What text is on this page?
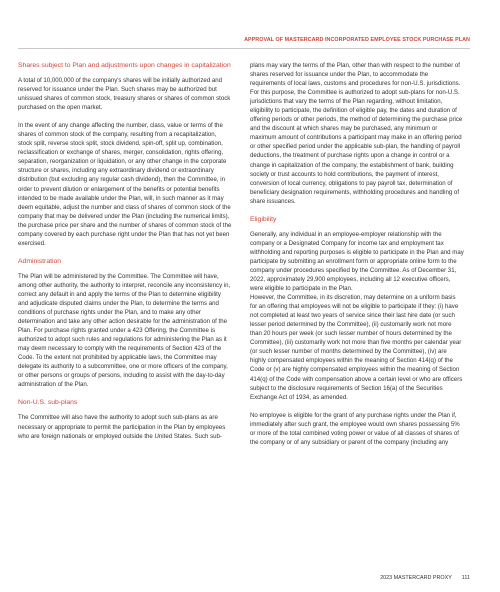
APPROVAL OF MASTERCARD INCORPORATED EMPLOYEE STOCK PURCHASE PLAN
Shares subject to Plan and adjustments upon changes in capitalization

A total of 10,000,000 of the company's shares will be initially authorized and reserved for issuance under the Plan. Such shares may be authorized but unissued shares of common stock, treasury shares or shares of common stock purchased on the open market.

In the event of any change affecting the number, class, value or terms of the shares of common stock of the company, resulting from a recapitalization, stock split, reverse stock split, stock dividend, spin-off, split up, combination, reclassification or exchange of shares, merger, consolidation, rights offering, separation, reorganization or liquidation, or any other change in the corporate structure or shares, including any extraordinary dividend or extraordinary distribution (but excluding any regular cash dividend), then the Committee, in order to prevent dilution or enlargement of the benefits or potential benefits intended to be made available under the Plan, will, in such manner as it may deem equitable, adjust the number and class of shares of common stock of the company that may be delivered under the Plan (including the numerical limits), the purchase price per share and the number of shares of common stock of the company covered by each purchase right under the Plan that has not yet been exercised.

Administration

The Plan will be administered by the Committee. The Committee will have, among other authority, the authority to interpret, reconcile any inconsistency in, correct any default in and apply the terms of the Plan to determine eligibility and adjudicate disputed claims under the Plan, to determine the terms and conditions of purchase rights under the Plan, and to make any other determination and take any other action desirable for the administration of the Plan. For purchase rights granted under a 423 Offering, the Committee is authorized to adopt such rules and regulations for administering the Plan as it may deem necessary to comply with the requirements of Section 423 of the Code. To the extent not prohibited by applicable laws, the Committee may delegate its authority to a subcommittee, one or more officers of the company, or other persons or groups of persons, including to assist with the day-to-day administration of the Plan.

Non-U.S. sub-plans

The Committee will also have the authority to adopt such sub-plans as are necessary or appropriate to permit the participation in the Plan by employees who are foreign nationals or employed outside the United States. Such sub-

plans may vary the terms of the Plan, other than with respect to the number of shares reserved for issuance under the Plan, to accommodate the requirements of local laws, customs and procedures for non-U.S. jurisdictions. For this purpose, the Committee is authorized to adopt sub-plans for non-U.S. jurisdictions that vary the terms of the Plan regarding, without limitation, eligibility to participate, the definition of eligible pay, the dates and duration of offering periods or other periods, the method of determining the purchase price and the discount at which shares may be purchased, any minimum or maximum amount of contributions a participant may make in an offering period or other specified period under the applicable sub-plan, the handling of payroll deductions, the treatment of purchase rights upon a change in control or a change in capitalization of the company, the establishment of bank, building society or trust accounts to hold contributions, the payment of interest, conversion of local currency, obligations to pay payroll tax, determination of beneficiary designation requirements, withholding procedures and handling of share issuances.

Eligibility

Generally, any individual in an employee-employer relationship with the company or a Designated Company for income tax and employment tax withholding and reporting purposes is eligible to participate in the Plan and may participate by submitting an enrollment form or appropriate online form to the company under procedures specified by the Committee. As of December 31, 2022, approximately 29,900 employees, including all 12 executive officers, were eligible to participate in the Plan.

However, the Committee, in its discretion, may determine on a uniform basis for an offering that employees will not be eligible to participate if they: (i) have not completed at least two years of service since their last hire date (or such lesser period determined by the Committee), (ii) customarily work not more than 20 hours per week (or such lesser number of hours determined by the Committee), (iii) customarily work not more than five months per calendar year (or such lesser number of months determined by the Committee), (iv) are highly compensated employees within the meaning of Section 414(q) of the Code or (v) are highly compensated employees within the meaning of Section 414(q) of the Code with compensation above a certain level or who are officers subject to the disclosure requirements of Section 16(a) of the Securities Exchange Act of 1934, as amended.

No employee is eligible for the grant of any purchase rights under the Plan if, immediately after such grant, the employee would own shares possessing 5% or more of the total combined voting power or value of all classes of shares of the company or of any subsidiary or parent of the company (including any

2023 MASTERCARD PROXY 111
